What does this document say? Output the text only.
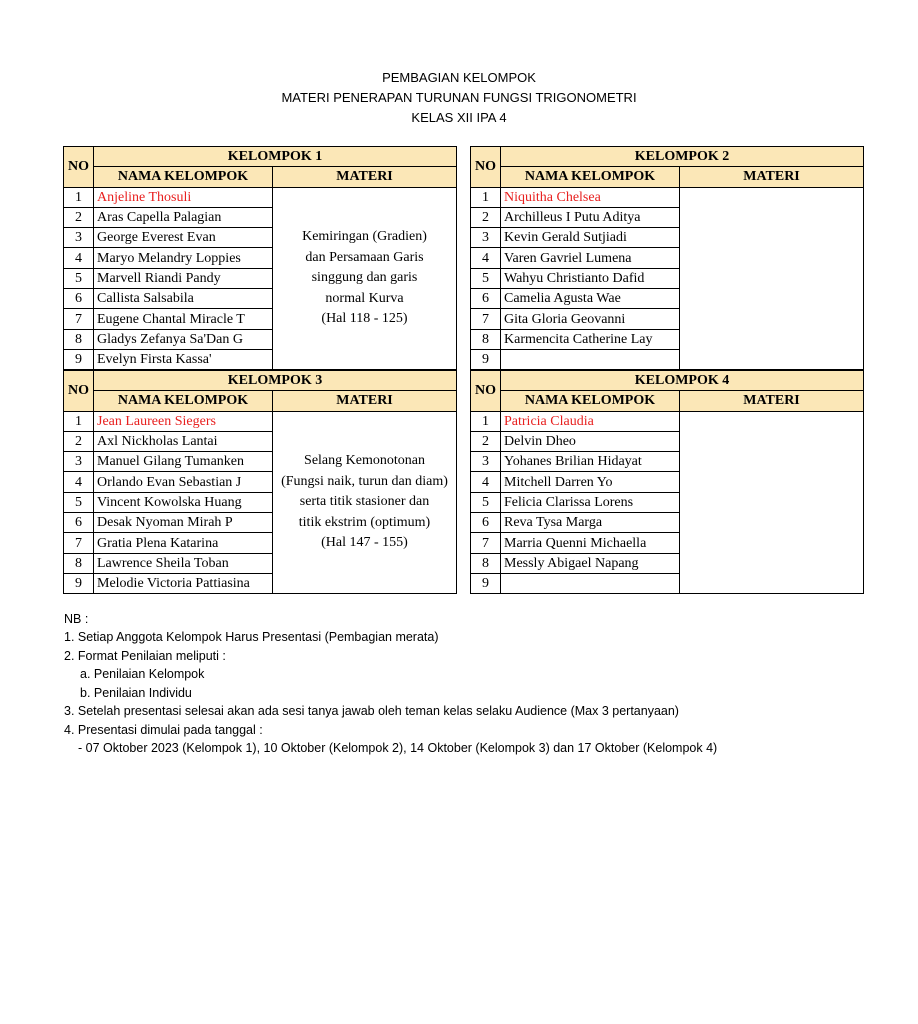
PEMBAGIAN KELOMPOK
MATERI PENERAPAN TURUNAN FUNGSI TRIGONOMETRI
KELAS XII IPA 4
NO	KELOMPOK 1	
	NAMA KELOMPOK	MATERI
1	Anjeline Thosuli	Kemiringan (Gradien)
dan Persamaan Garis
singgung dan garis
normal Kurva
(Hal 118 - 125)

2	Aras Capella Palagian	
3	George Everest Evan	
4	Maryo Melandry Loppies	
5	Marvell Riandi Pandy	
6	Callista Salsabila	
7	Eugene Chantal Miracle T	
8	Gladys Zefanya Sa'Dan G	
9	Evelyn Firsta Kassa'	
NO	KELOMPOK 3	
	NAMA KELOMPOK	MATERI
1	Jean Laureen Siegers	Selang Kemonotonan
(Fungsi naik, turun dan diam)
serta titik stasioner dan
titik ekstrim (optimum)
(Hal 147 - 155)

2	Axl Nickholas Lantai	
3	Manuel Gilang Tumanken	
4	Orlando Evan Sebastian J	
5	Vincent Kowolska Huang	
6	Desak Nyoman Mirah P	
7	Gratia Plena Katarina	
8	Lawrence Sheila Toban	
9	Melodie Victoria Pattiasina	
NO	KELOMPOK 2	
	NAMA KELOMPOK	MATERI
1	Niquitha Chelsea	
2	Archilleus I Putu Aditya	
3	Kevin Gerald Sutjiadi	
4	Varen Gavriel Lumena	
5	Wahyu Christianto Dafid	
6	Camelia Agusta Wae	
7	Gita Gloria Geovanni	
8	Karmencita Catherine Lay	
9		
NO	KELOMPOK 4	
	NAMA KELOMPOK	MATERI
1	Patricia Claudia	
2	Delvin Dheo	
3	Yohanes Brilian Hidayat	
4	Mitchell Darren Yo	
5	Felicia Clarissa Lorens	
6	Reva Tysa Marga	
7	Marria Quenni Michaella	
8	Messly Abigael Napang	
9		
NB :
1. Setiap Anggota Kelompok Harus Presentasi (Pembagian merata)
2. Format Penilaian meliputi :
a. Penilaian Kelompok
b. Penilaian Individu
3. Setelah presentasi selesai akan ada sesi tanya jawab oleh teman kelas selaku Audience (Max 3 pertanyaan)
4. Presentasi dimulai pada tanggal :
- 07 Oktober 2023 (Kelompok 1), 10 Oktober (Kelompok 2), 14 Oktober (Kelompok 3) dan 17 Oktober (Kelompok 4)
